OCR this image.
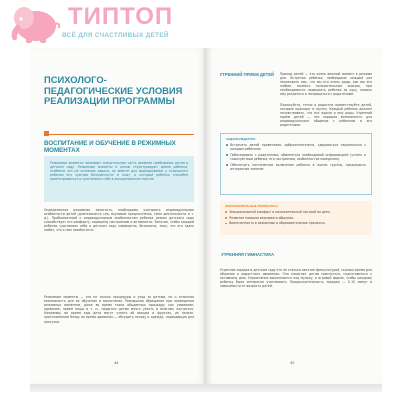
ТИПТОП
ВСЁ ДЛЯ СЧАСТЛИВЫХ ДЕТЕЙ
ПСИХОЛОГО-ПЕДАГОГИЧЕСКИЕ УСЛОВИЯ РЕАЛИЗАЦИИ ПРОГРАММЫ
ВОСПИТАНИЕ И ОБУЧЕНИЕ В РЕЖИМНЫХ МОМЕНТАХ
Режимные моменты занимают значительную часть времени пребывания детей в детском саду. Режимные моменты в целом структурируют время ребенка, особенно это их основная задача, но вместе для формирования у отдельного ребенка его чувства безопасности и опыт, в который ребенок способен ориентироваться и чувствовать себя в эмоциональном смысле.
Определенная режимная занятость, необходимо учитывать индивидуальные особенности детей (длительность сна, вкусовые предпочтения, темп деятельности и т. д.). Приближенный к индивидуальным особенностям ребенка режим детского сада способствует его комфорту, хорошему настроению и активности. Занятия, чтобы каждый ребенок чувствовал себя в детском саду комфортно, безопасно, знал, что его здесь любят, что о нем позаботятся.
Режимные моменты — это не только процедуры и уход за детьми, но и отличная возможность для их обучения и воспитания. Размышляя обращение при проведении режимных моментов, даже во время таких обыденных процедур, как умывание, одевание, прием пищи и т. п., педагоги детям много узнать и многому научиться. Например, во время еды дети могут узнать об овощах и фруктах, их пользе, приготовлении блюд; во время одевания — обсудить погоду и одежду, подходящую для прогулки.
44
УТРЕННИЙ ПРИЕМ ДЕТЕЙ Приход детей — это очень важный момент в режиме дня. Встречая ребенка, необходимо каждый раз показывать ему, что мы его очень рады, как мы его любим, вызвать положительные эмоции, при необходимости подержать ребенка за руку, помочь ему раздеться и попрощаться с родителями.
Пожалуйста, тепло и радостно приветствуйте детей, которые приходят в группу. Каждый ребенок должен почувствовать, что его ждали и ему рады. Утренний прием детей — это хорошая возможность для индивидуального общения с ребенком и его родителями.
ЗАДАЧИ ПЕДАГОГА
Встречать детей приветливо, доброжелательно, здороваться персонально с каждым ребенком.
Побеседовать с родителями, обменяться необходимой информацией (узнать о самочувствии ребенка, его настроении, особенностях поведения).
Обеспечить постепенное включение ребенка в жизнь группы, предложить интересное занятие.
ОБРАЗОВАТЕЛЬНЫЕ РЕЗУЛЬТАТЫ
Эмоциональный комфорт и положительный настрой на день.
Развитие навыков вежливого общения.
Вовлеченность в режимные и образовательные процессы.
УТРЕННЯЯ ГИМНАСТИКА
Утренняя зарядка в детском саду это не столько занятие физкультурой, сколько время для общения и радостного движения. Она помогает детям проснуться, подготовиться к активному дню. Упражнения выполняются под музыку, в игровой форме, чтобы каждому ребенку было интересно участвовать. Продолжительность зарядки — 5–10 минут в зависимости от возраста детей.
45
